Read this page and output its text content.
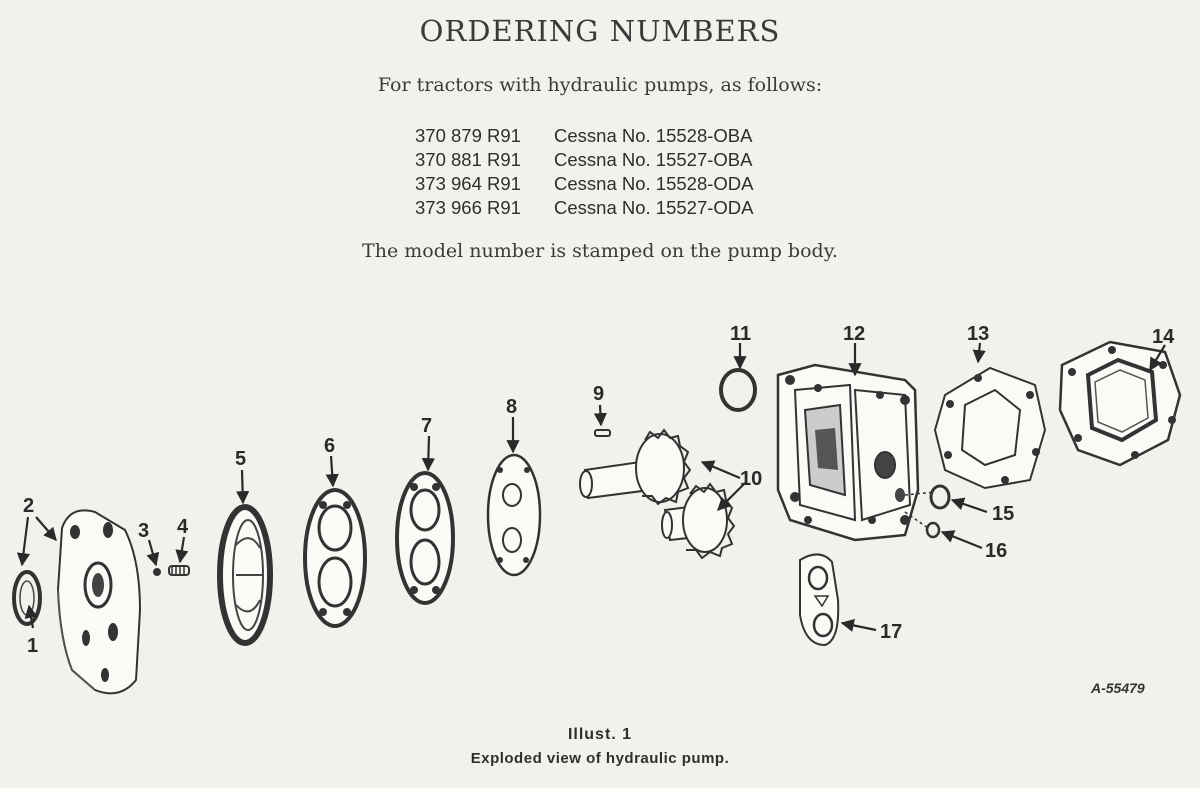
ORDERING NUMBERS
For tractors with hydraulic pumps, as follows:
370 879 R91	Cessna No. 15528-OBA
370 881 R91	Cessna No. 15527-OBA
373 964 R91	Cessna No. 15528-ODA
373 966 R91	Cessna No. 15527-ODA
The model number is stamped on the pump body.
1
2
3 4
5
6
7
8
9
10
11	12	13	14
15
16
17
A-55479
Illust. 1
Exploded view of hydraulic pump.
